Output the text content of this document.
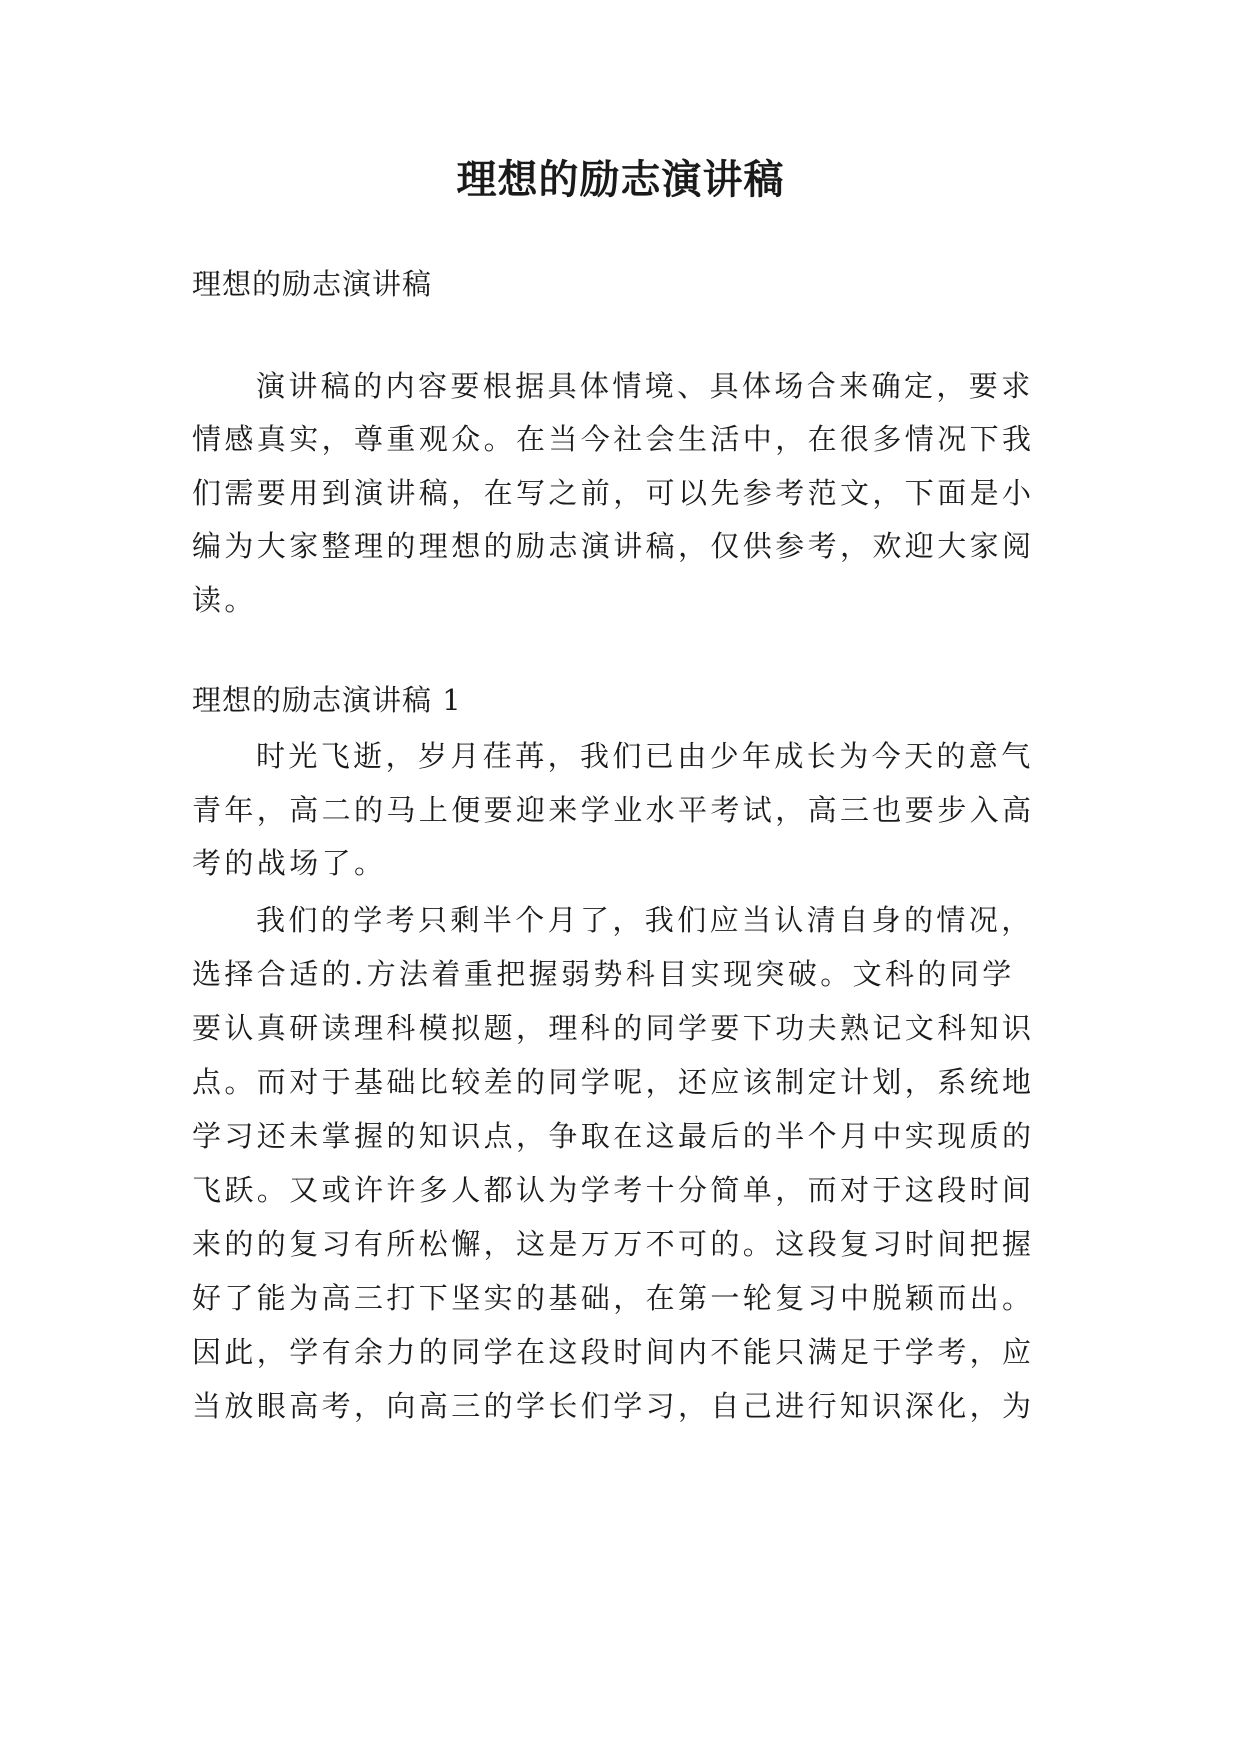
理想的励志演讲稿
理想的励志演讲稿
演讲稿的内容要根据具体情境、具体场合来确定，要求
情感真实，尊重观众。在当今社会生活中，在很多情况下我
们需要用到演讲稿，在写之前，可以先参考范文，下面是小
编为大家整理的理想的励志演讲稿，仅供参考，欢迎大家阅
读。
理想的励志演讲稿 1
时光飞逝，岁月荏苒，我们已由少年成长为今天的意气
青年，高二的马上便要迎来学业水平考试，高三也要步入高
考的战场了。
我们的学考只剩半个月了，我们应当认清自身的情况，
选择合适的.方法着重把握弱势科目实现突破。文科的同学
要认真研读理科模拟题，理科的同学要下功夫熟记文科知识
点。而对于基础比较差的同学呢，还应该制定计划，系统地
学习还未掌握的知识点，争取在这最后的半个月中实现质的
飞跃。又或许许多人都认为学考十分简单，而对于这段时间
来的的复习有所松懈，这是万万不可的。这段复习时间把握
好了能为高三打下坚实的基础，在第一轮复习中脱颖而出。
因此，学有余力的同学在这段时间内不能只满足于学考，应
当放眼高考，向高三的学长们学习，自己进行知识深化，为
